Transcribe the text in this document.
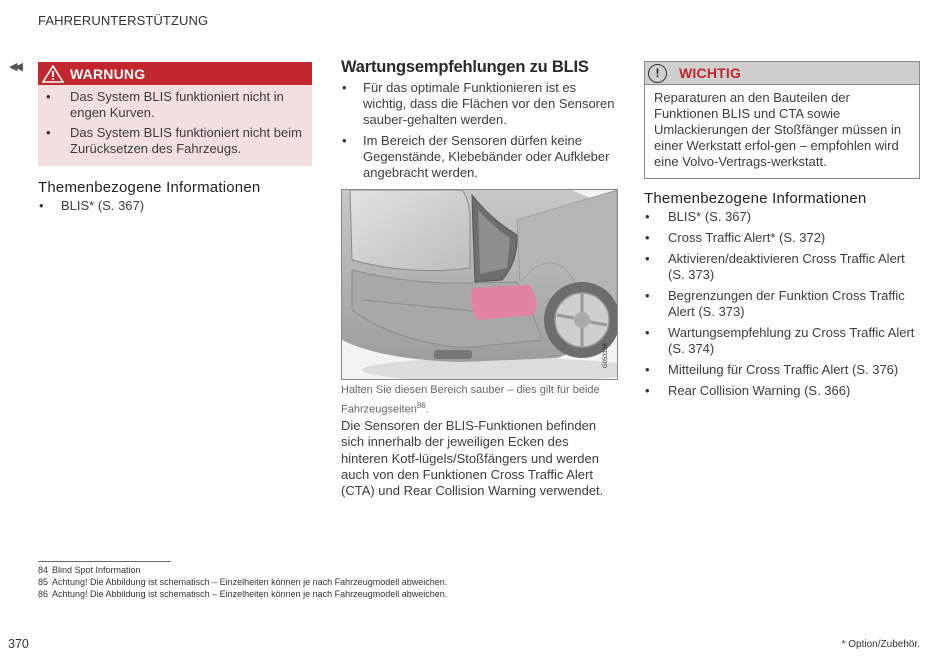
FAHRERUNTERSTÜTZUNG
◀◀	WARNUNG
• Das System BLIS funktioniert nicht in engen Kurven.
• Das System BLIS funktioniert nicht beim Zurücksetzen des Fahrzeugs.
Themenbezogene Informationen
• BLIS* (S. 367)
Wartungsempfehlungen zu BLIS
• Für das optimale Funktionieren ist es wichtig, dass die Flächen vor den Sensoren sauber-gehalten werden.
• Im Bereich der Sensoren dürfen keine Gegenstände, Klebebänder oder Aufkleber angebracht werden.
G053198
Halten Sie diesen Bereich sauber – dies gilt für beide Fahrzeugseiten$^{86}$.
Die Sensoren der BLIS-Funktionen befinden sich innerhalb der jeweiligen Ecken des hinteren Kotf-lügels/Stoßfängers und werden auch von den Funktionen Cross Traffic Alert (CTA) und Rear Collision Warning verwendet.
!	WICHTIG
Reparaturen an den Bauteilen der Funktionen BLIS und CTA sowie Umlackierungen der Stoßfänger müssen in einer Werkstatt erfol-gen – empfohlen wird eine Volvo-Vertrags-werkstatt.
Themenbezogene Informationen
• BLIS* (S. 367)
• Cross Traffic Alert* (S. 372)
• Aktivieren/deaktivieren Cross Traffic Alert (S. 373)
• Begrenzungen der Funktion Cross Traffic Alert (S. 373)
• Wartungsempfehlung zu Cross Traffic Alert (S. 374)
• Mitteilung für Cross Traffic Alert (S. 376)
• Rear Collision Warning (S. 366)
84 Blind Spot Information
85 Achtung! Die Abbildung ist schematisch – Einzelheiten können je nach Fahrzeugmodell abweichen.
86 Achtung! Die Abbildung ist schematisch – Einzelheiten können je nach Fahrzeugmodell abweichen.
370	* Option/Zubehör.
